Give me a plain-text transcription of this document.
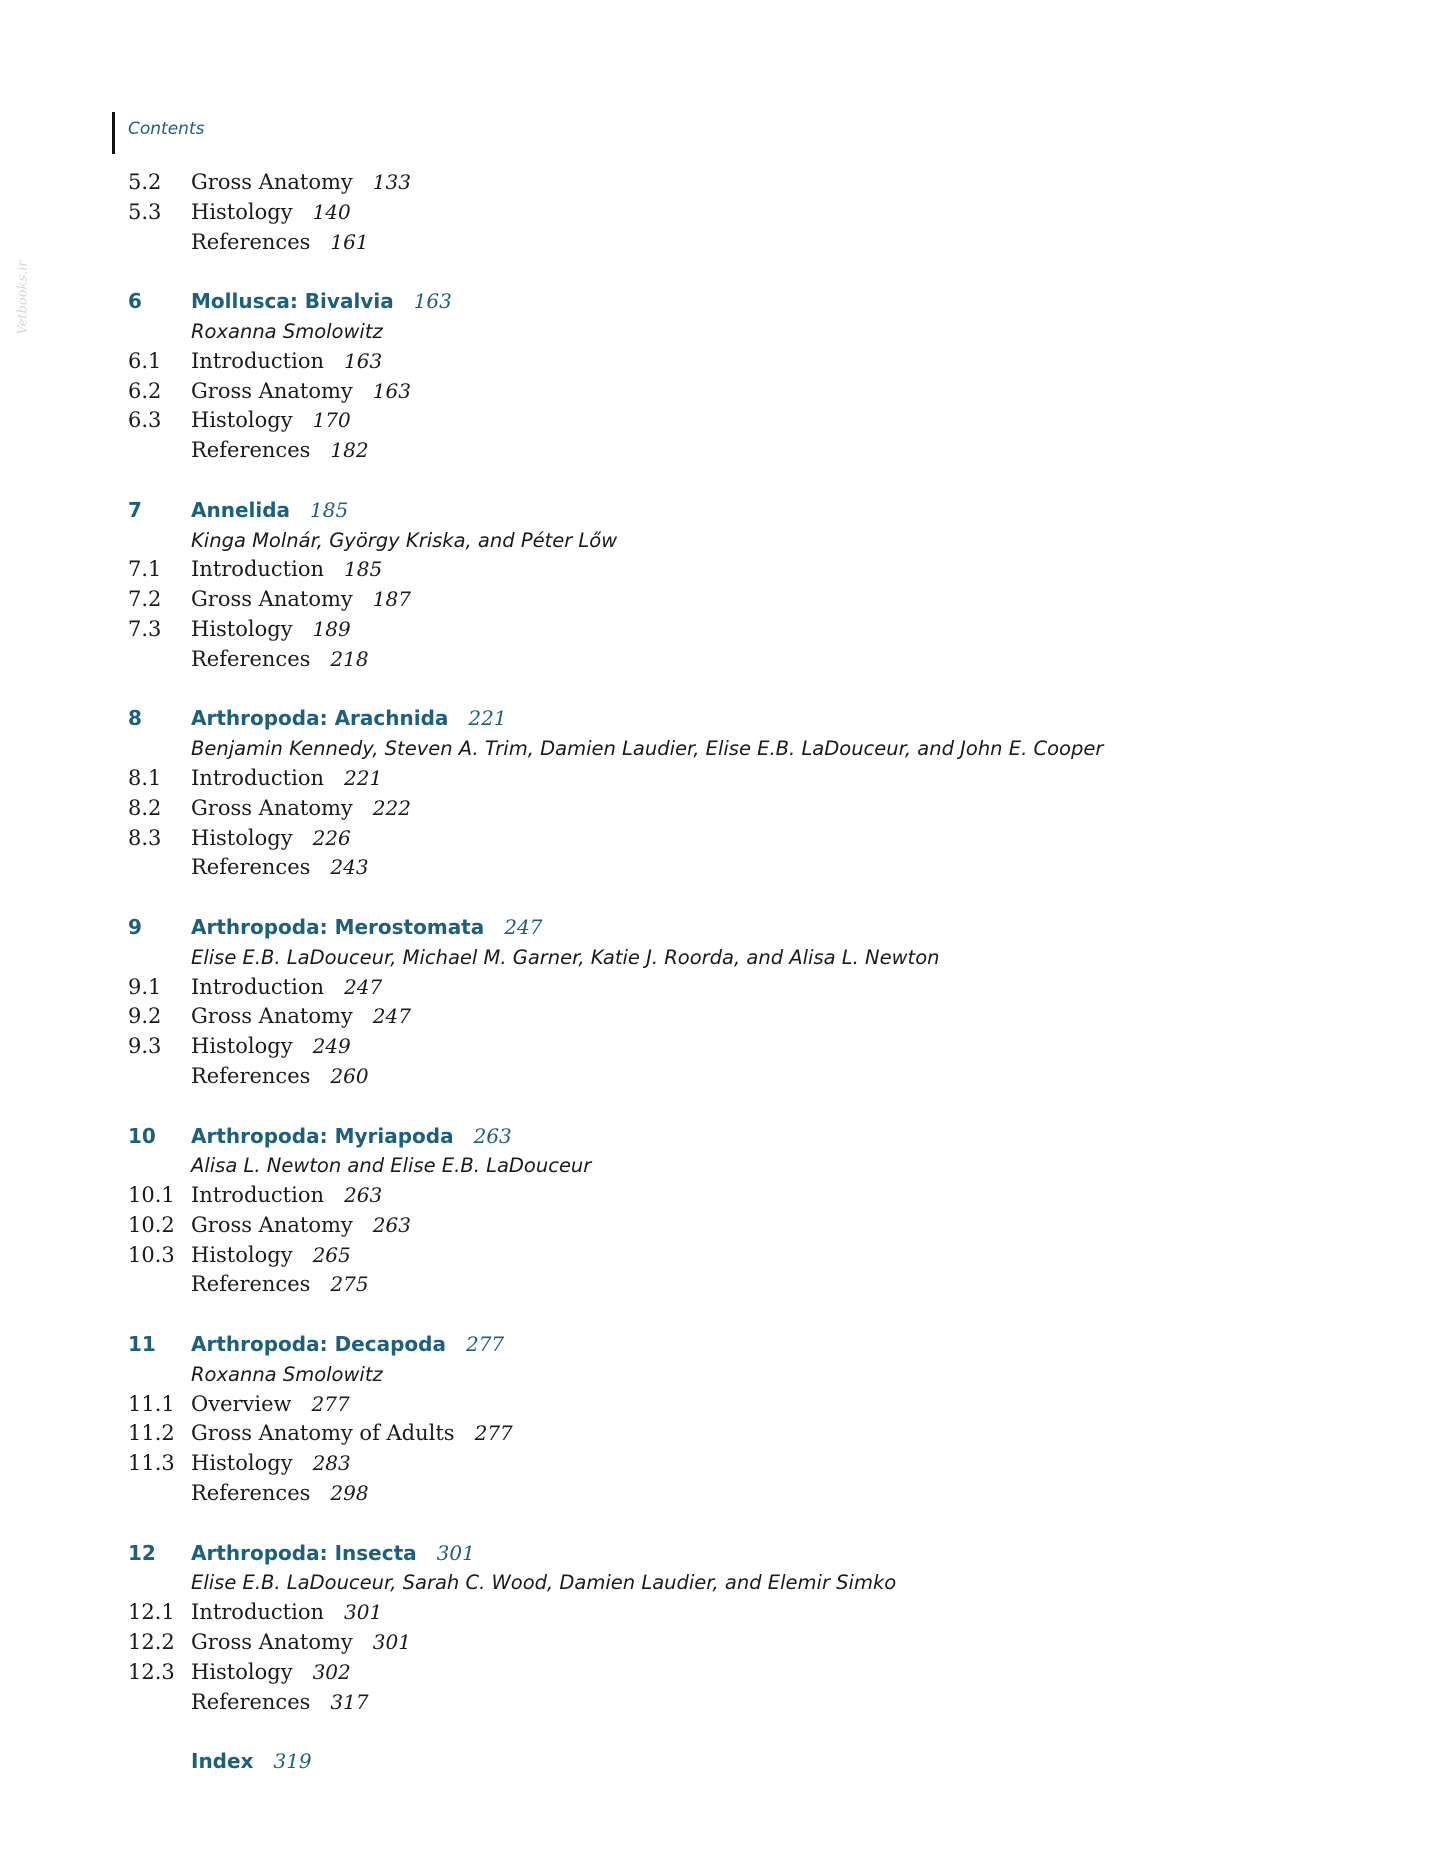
Contents
Vetbooks.ir
5.2	Gross Anatomy 133
5.3	Histology 140
References 161
6	Mollusca: Bivalvia 163
Roxanna Smolowitz
6.1	Introduction 163
6.2	Gross Anatomy 163
6.3	Histology 170
References 182
7	Annelida 185
Kinga Molnár, György Kriska, and Péter Lőw
7.1	Introduction 185
7.2	Gross Anatomy 187
7.3	Histology 189
References 218
8	Arthropoda: Arachnida 221
Benjamin Kennedy, Steven A. Trim, Damien Laudier, Elise E.B. LaDouceur, and John E. Cooper
8.1	Introduction 221
8.2	Gross Anatomy 222
8.3	Histology 226
References 243
9	Arthropoda: Merostomata 247
Elise E.B. LaDouceur, Michael M. Garner, Katie J. Roorda, and Alisa L. Newton
9.1	Introduction 247
9.2	Gross Anatomy 247
9.3	Histology 249
References 260
10	Arthropoda: Myriapoda 263
Alisa L. Newton and Elise E.B. LaDouceur
10.1 Introduction 263
10.2 Gross Anatomy 263
10.3 Histology 265
References 275
11	Arthropoda: Decapoda 277
Roxanna Smolowitz
11.1 Overview 277
11.2 Gross Anatomy of Adults 277
11.3 Histology 283
References 298
12	Arthropoda: Insecta 301
Elise E.B. LaDouceur, Sarah C. Wood, Damien Laudier, and Elemir Simko
12.1 Introduction 301
12.2 Gross Anatomy 301
12.3 Histology 302
References 317
Index 319
